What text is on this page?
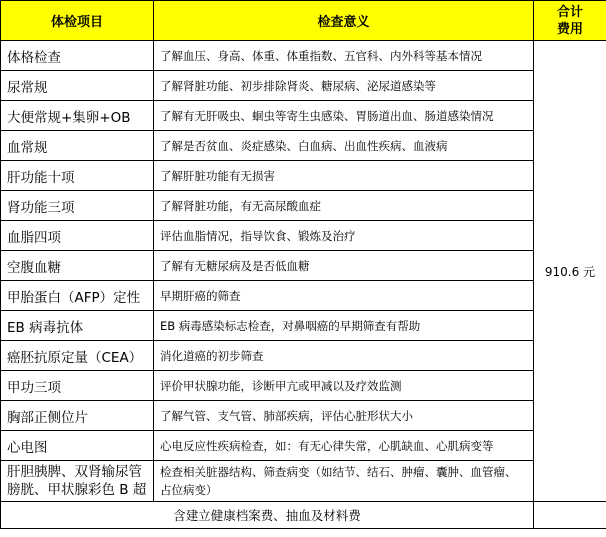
体检项目	检查意义	合计
费用
体格检查	了解血压、身高、体重、体重指数、五官科、内外科等基本情况	910.6 元
尿常规	了解肾脏功能、初步排除肾炎、糖尿病、泌尿道感染等	
大便常规+集卵+OB	了解有无肝吸虫、蛔虫等寄生虫感染、胃肠道出血、肠道感染情况	
血常规	了解是否贫血、炎症感染、白血病、出血性疾病、血液病	
肝功能十项	了解肝脏功能有无损害	
肾功能三项	了解肾脏功能，有无高尿酸血症	
血脂四项	评估血脂情况，指导饮食、锻炼及治疗	
空腹血糖	了解有无糖尿病及是否低血糖	
甲胎蛋白（AFP）定性	早期肝癌的筛查	
EB 病毒抗体	EB 病毒感染标志检查，对鼻咽癌的早期筛查有帮助	
癌胚抗原定量（CEA）	消化道癌的初步筛查	
甲功三项	评价甲状腺功能，诊断甲亢或甲减以及疗效监测	
胸部正侧位片	了解气管、支气管、肺部疾病，评估心脏形状大小	
心电图	心电反应性疾病检查，如：有无心律失常，心肌缺血、心肌病变等	
肝胆胰脾、双肾输尿管膀胱、甲状腺彩色 B 超	检查相关脏器结构、筛查病变（如结节、结石、肿瘤、囊肿、血管瘤、占位病变）	
含建立健康档案费、抽血及材料费		
